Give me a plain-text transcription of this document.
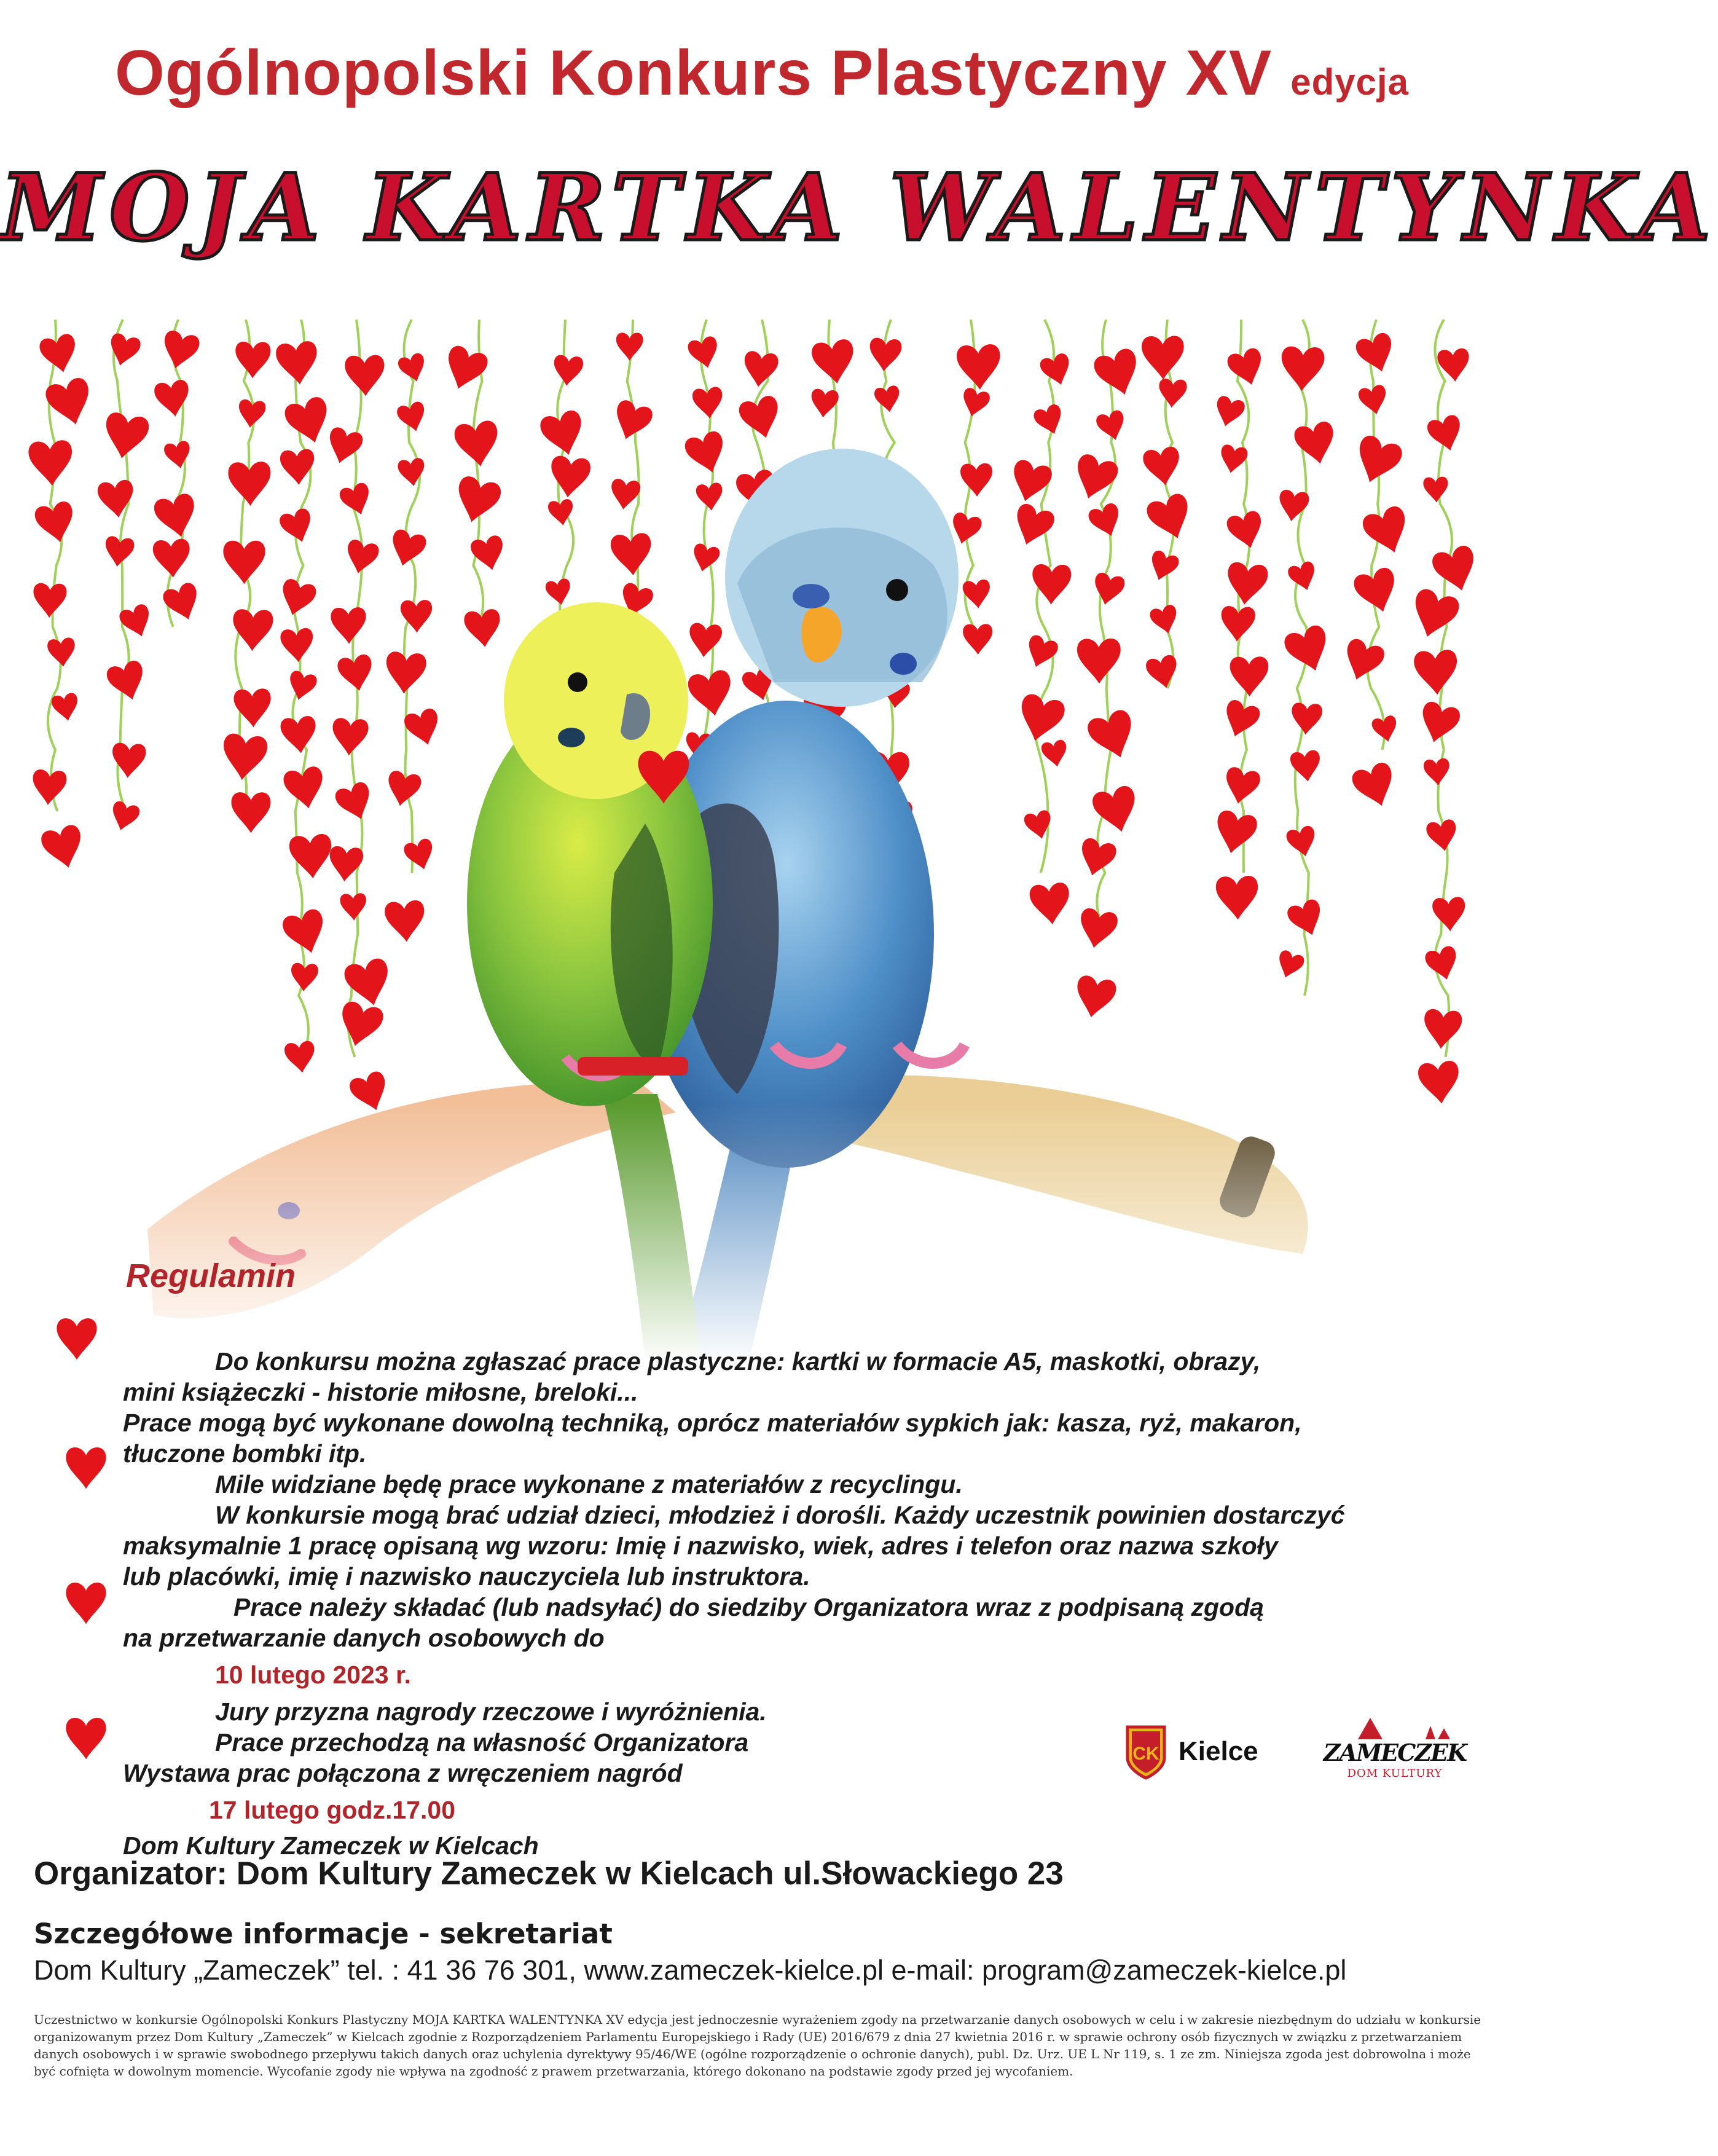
Ogólnopolski Konkurs Plastyczny XV edycja
MOJA KARTKA WALENTYNKA
Regulamin

Do konkursu można zgłaszać prace plastyczne: kartki w formacie A5, maskotki, obrazy,

mini książeczki - historie miłosne, breloki...

Prace mogą być wykonane dowolną techniką, oprócz materiałów sypkich jak: kasza, ryż, makaron,

tłuczone bombki itp.

Mile widziane będę prace wykonane z materiałów z recyclingu.

W konkursie mogą brać udział dzieci, młodzież i dorośli. Każdy uczestnik powinien dostarczyć

maksymalnie 1 pracę opisaną wg wzoru: Imię i nazwisko, wiek, adres i telefon oraz nazwa szkoły

lub placówki, imię i nazwisko nauczyciela lub instruktora.

Prace należy składać (lub nadsyłać) do siedziby Organizatora wraz z podpisaną zgodą

na przetwarzanie danych osobowych do

10 lutego 2023 r.

Jury przyzna nagrody rzeczowe i wyróżnienia.

Prace przechodzą na własność Organizatora

Wystawa prac połączona z wręczeniem nagród

17 lutego godz.17.00

Dom Kultury Zameczek w Kielcach

CK Kielce	ZAMECZEK
DOM KULTURY
Organizator: Dom Kultury Zameczek w Kielcach ul.Słowackiego 23
Szczegółowe informacje - sekretariat
Dom Kultury „Zameczek” tel. : 41 36 76 301, www.zameczek-kielce.pl e-mail: program@zameczek-kielce.pl
Uczestnictwo w konkursie Ogólnopolski Konkurs Plastyczny MOJA KARTKA WALENTYNKA XV edycja jest jednoczesnie wyrażeniem zgody na przetwarzanie danych osobowych w celu i w zakresie niezbędnym do udziału w konkursie organizowanym przez Dom Kultury „Zameczek” w Kielcach zgodnie z Rozporządzeniem Parlamentu Europejskiego i Rady (UE) 2016/679 z dnia 27 kwietnia 2016 r. w sprawie ochrony osób fizycznych w związku z przetwarzaniem danych osobowych i w sprawie swobodnego przepływu takich danych oraz uchylenia dyrektywy 95/46/WE (ogólne rozporządzenie o ochronie danych), publ. Dz. Urz. UE L Nr 119, s. 1 ze zm. Niniejsza zgoda jest dobrowolna i może być cofnięta w dowolnym momencie. Wycofanie zgody nie wpływa na zgodność z prawem przetwarzania, którego dokonano na podstawie zgody przed jej wycofaniem.
